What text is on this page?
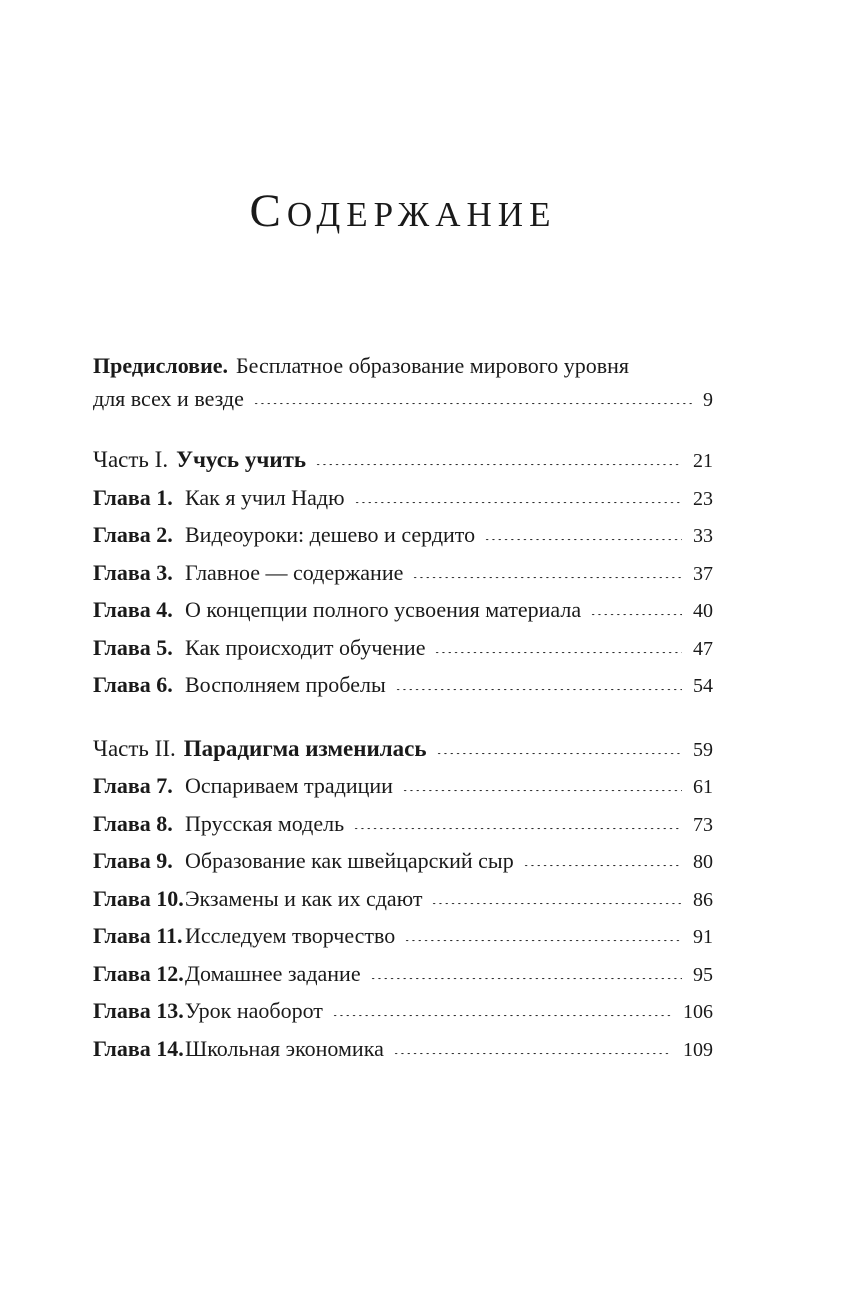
СОДЕРЖАНИЕ
Предисловие. Бесплатное образование мирового уровня
для всех и везде	9
Часть I. Учусь учить	21
Глава 1. Как я учил Надю	23
Глава 2. Видеоуроки: дешево и сердито	33
Глава 3. Главное — содержание	37
Глава 4. О концепции полного усвоения материала	40
Глава 5. Как происходит обучение	47
Глава 6. Восполняем пробелы	54
Часть II. Парадигма изменилась	59
Глава 7. Оспариваем традиции	61
Глава 8. Прусская модель	73
Глава 9. Образование как швейцарский сыр	80
Глава 10. Экзамены и как их сдают	86
Глава 11. Исследуем творчество	91
Глава 12. Домашнее задание	95
Глава 13. Урок наоборот	106
Глава 14. Школьная экономика	109
